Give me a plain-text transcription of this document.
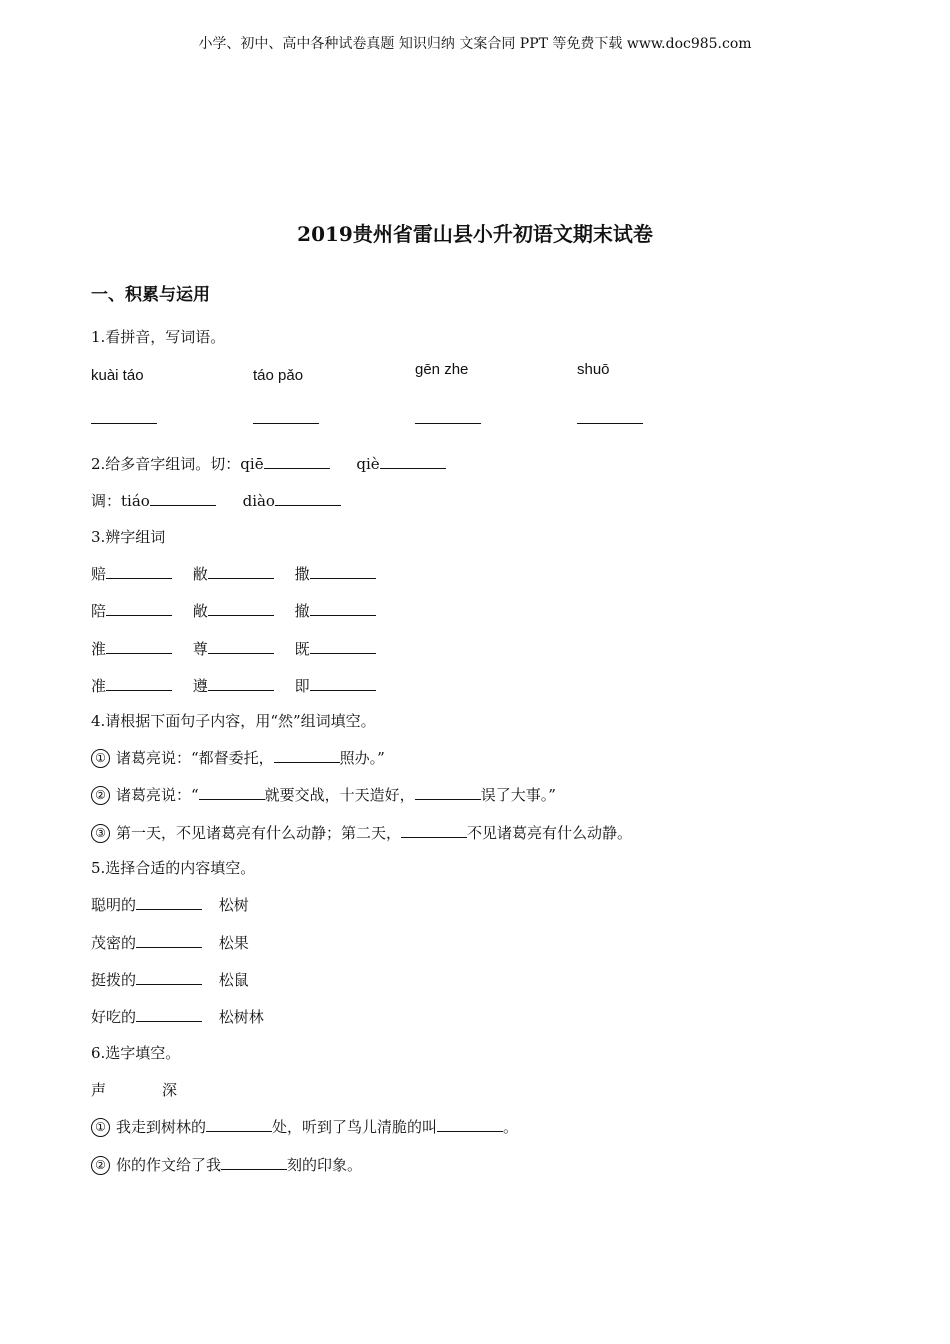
小学、初中、高中各种试卷真题 知识归纳 文案合同 PPT 等免费下载 www.doc985.com
2019贵州省雷山县小升初语文期末试卷
一、积累与运用
1.看拼音，写词语。
kuài táo	táo pǎo	gēn zhe	shuō
2.给多音字组词。切：qiē	qiè
调：tiáo	diào
3.辨字组词
赔	敝	撒
陪	敞	撤
淮	尊	既
准	遵	即
4.请根据下面句子内容，用“然”组词填空。
① 诸葛亮说：“都督委托，	照办。”
② 诸葛亮说：“	就要交战，十天造好，	误了大事。”
③ 第一天，不见诸葛亮有什么动静；第二天，	不见诸葛亮有什么动静。
5.选择合适的内容填空。
聪明的	松树
茂密的	松果
挺拨的	松鼠
好吃的	松树林
6.选字填空。
声	深
① 我走到树林的	处，听到了鸟儿清脆的叫	。
② 你的作文给了我	刻的印象。
